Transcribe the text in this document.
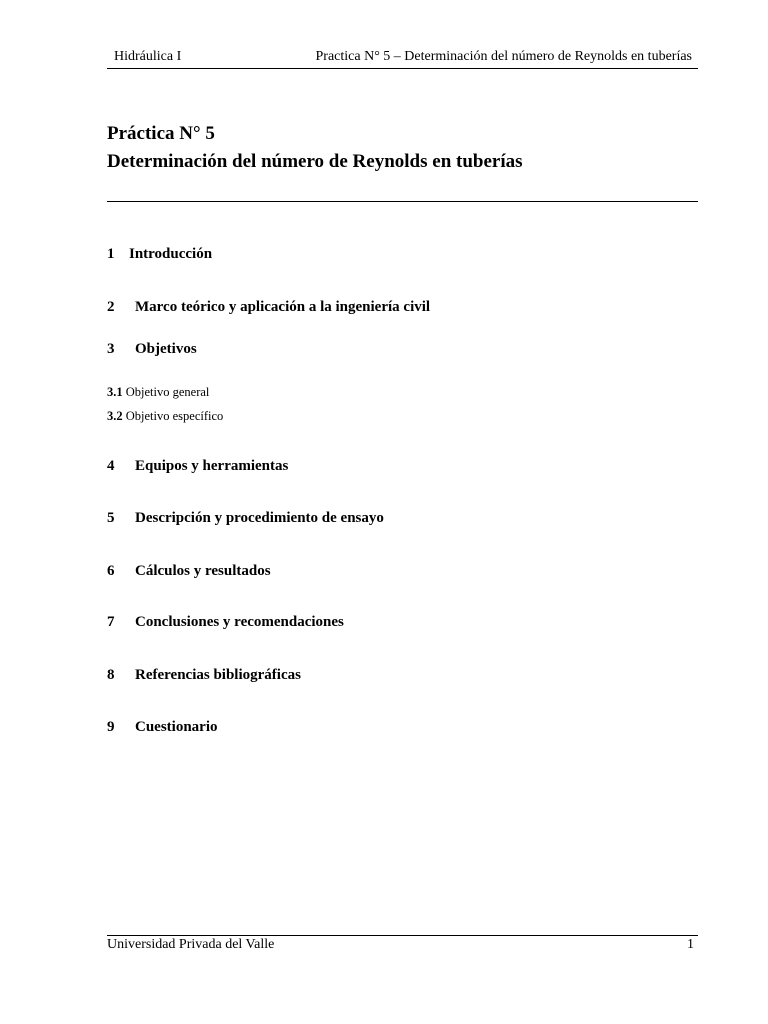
Hidráulica I	Practica N° 5 – Determinación del número de Reynolds en tuberías
Práctica N° 5
Determinación del número de Reynolds en tuberías
1 Introducción
2 Marco teórico y aplicación a la ingeniería civil
3 Objetivos
3.1 Objetivo general
3.2 Objetivo específico
4 Equipos y herramientas
5 Descripción y procedimiento de ensayo
6 Cálculos y resultados
7 Conclusiones y recomendaciones
8 Referencias bibliográficas
9 Cuestionario
Universidad Privada del Valle	1
